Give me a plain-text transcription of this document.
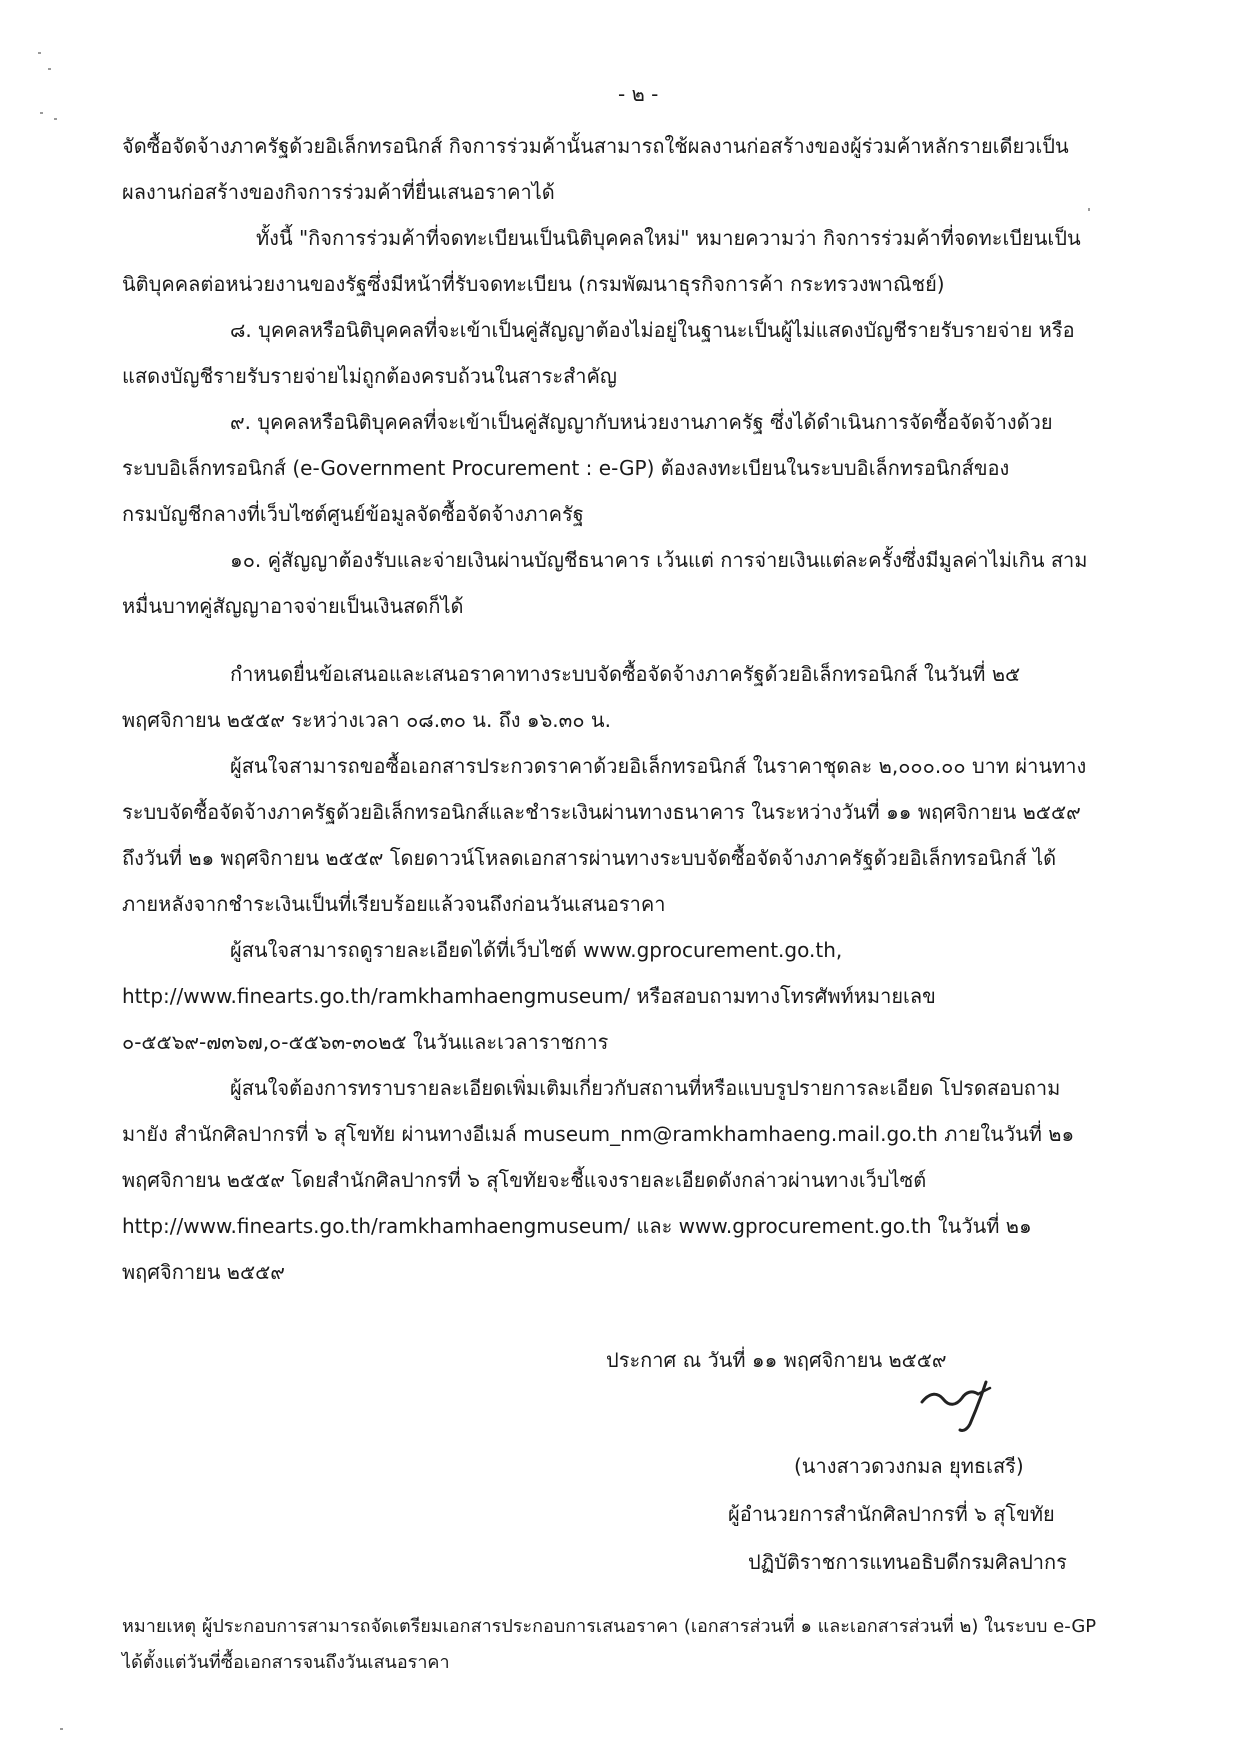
- ๒ -
จัดซื้อจัดจ้างภาครัฐด้วยอิเล็กทรอนิกส์ กิจการร่วมค้านั้นสามารถใช้ผลงานก่อสร้างของผู้ร่วมค้าหลักรายเดียวเป็น
ผลงานก่อสร้างของกิจการร่วมค้าที่ยื่นเสนอราคาได้
ทั้งนี้ "กิจการร่วมค้าที่จดทะเบียนเป็นนิติบุคคลใหม่" หมายความว่า กิจการร่วมค้าที่จดทะเบียนเป็น
นิติบุคคลต่อหน่วยงานของรัฐซึ่งมีหน้าที่รับจดทะเบียน (กรมพัฒนาธุรกิจการค้า กระทรวงพาณิชย์)
๘. บุคคลหรือนิติบุคคลที่จะเข้าเป็นคู่สัญญาต้องไม่อยู่ในฐานะเป็นผู้ไม่แสดงบัญชีรายรับรายจ่าย หรือ
แสดงบัญชีรายรับรายจ่ายไม่ถูกต้องครบถ้วนในสาระสำคัญ
๙. บุคคลหรือนิติบุคคลที่จะเข้าเป็นคู่สัญญากับหน่วยงานภาครัฐ ซึ่งได้ดำเนินการจัดซื้อจัดจ้างด้วย
ระบบอิเล็กทรอนิกส์ (e-Government Procurement : e-GP) ต้องลงทะเบียนในระบบอิเล็กทรอนิกส์ของ
กรมบัญชีกลางที่เว็บไซต์ศูนย์ข้อมูลจัดซื้อจัดจ้างภาครัฐ
๑๐. คู่สัญญาต้องรับและจ่ายเงินผ่านบัญชีธนาคาร เว้นแต่ การจ่ายเงินแต่ละครั้งซึ่งมีมูลค่าไม่เกิน สาม
หมื่นบาทคู่สัญญาอาจจ่ายเป็นเงินสดก็ได้
กำหนดยื่นข้อเสนอและเสนอราคาทางระบบจัดซื้อจัดจ้างภาครัฐด้วยอิเล็กทรอนิกส์ ในวันที่ ๒๕
พฤศจิกายน ๒๕๕๙ ระหว่างเวลา ๐๘.๓๐ น. ถึง ๑๖.๓๐ น.
ผู้สนใจสามารถขอซื้อเอกสารประกวดราคาด้วยอิเล็กทรอนิกส์ ในราคาชุดละ ๒,๐๐๐.๐๐ บาท ผ่านทาง
ระบบจัดซื้อจัดจ้างภาครัฐด้วยอิเล็กทรอนิกส์และชำระเงินผ่านทางธนาคาร ในระหว่างวันที่ ๑๑ พฤศจิกายน ๒๕๕๙
ถึงวันที่ ๒๑ พฤศจิกายน ๒๕๕๙ โดยดาวน์โหลดเอกสารผ่านทางระบบจัดซื้อจัดจ้างภาครัฐด้วยอิเล็กทรอนิกส์ ได้
ภายหลังจากชำระเงินเป็นที่เรียบร้อยแล้วจนถึงก่อนวันเสนอราคา
ผู้สนใจสามารถดูรายละเอียดได้ที่เว็บไซต์ www.gprocurement.go.th,
http://www.finearts.go.th/ramkhamhaengmuseum/ หรือสอบถามทางโทรศัพท์หมายเลข
๐-๕๕๖๙-๗๓๖๗,๐-๕๕๖๓-๓๐๒๕ ในวันและเวลาราชการ
ผู้สนใจต้องการทราบรายละเอียดเพิ่มเติมเกี่ยวกับสถานที่หรือแบบรูปรายการละเอียด โปรดสอบถาม
มายัง สำนักศิลปากรที่ ๖ สุโขทัย ผ่านทางอีเมล์ museum_nm@ramkhamhaeng.mail.go.th ภายในวันที่ ๒๑
พฤศจิกายน ๒๕๕๙ โดยสำนักศิลปากรที่ ๖ สุโขทัยจะชี้แจงรายละเอียดดังกล่าวผ่านทางเว็บไซต์
http://www.finearts.go.th/ramkhamhaengmuseum/ และ www.gprocurement.go.th ในวันที่ ๒๑
พฤศจิกายน ๒๕๕๙
ประกาศ ณ วันที่ ๑๑ พฤศจิกายน ๒๕๕๙
(นางสาวดวงกมล ยุทธเสรี)
ผู้อำนวยการสำนักศิลปากรที่ ๖ สุโขทัย
ปฏิบัติราชการแทนอธิบดีกรมศิลปากร
หมายเหตุ ผู้ประกอบการสามารถจัดเตรียมเอกสารประกอบการเสนอราคา (เอกสารส่วนที่ ๑ และเอกสารส่วนที่ ๒) ในระบบ e-GP
ได้ตั้งแต่วันที่ซื้อเอกสารจนถึงวันเสนอราคา
